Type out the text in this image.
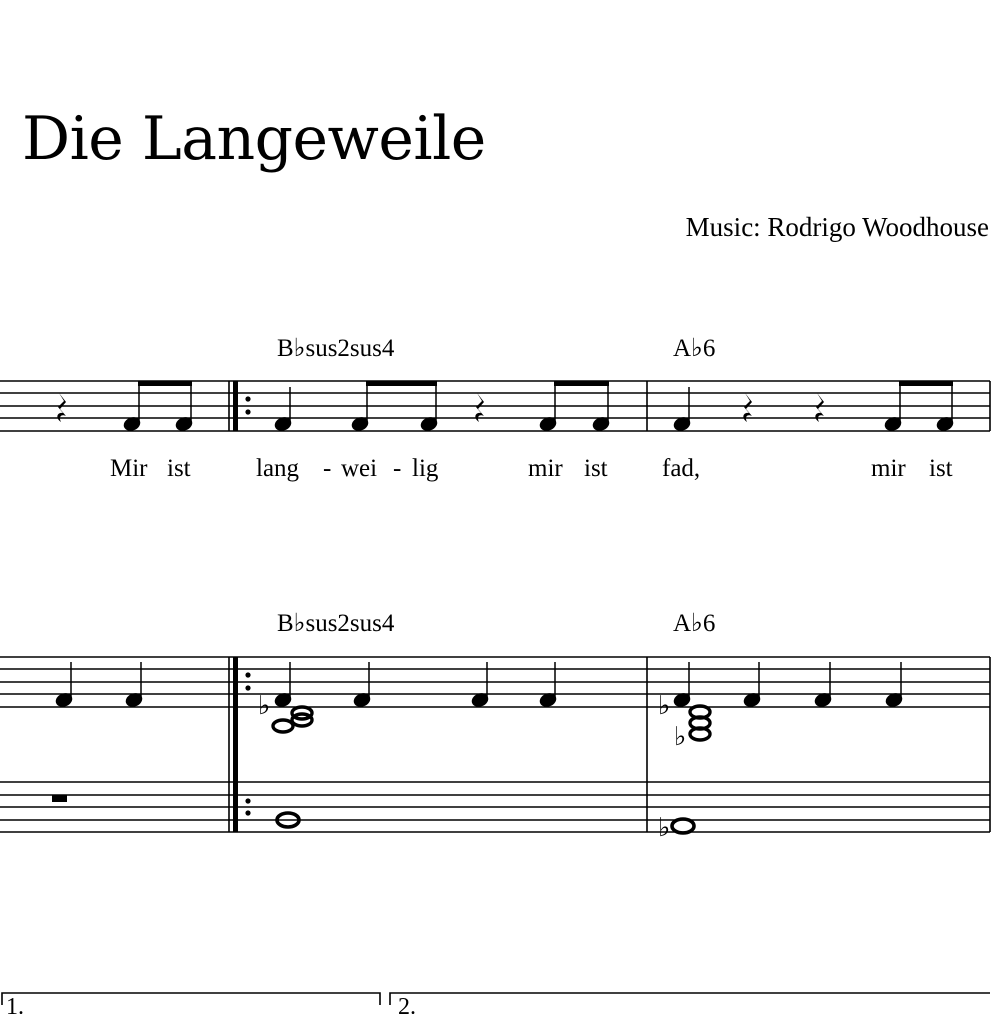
Die Langeweile
Music: Rodrigo Woodhouse
B♭sus2sus4	A♭6
Mir ist	lang - wei - lig	mir ist fad,	mir ist
B♭sus2sus4	A♭6
1.	2.
♭	♭
♭
♭
